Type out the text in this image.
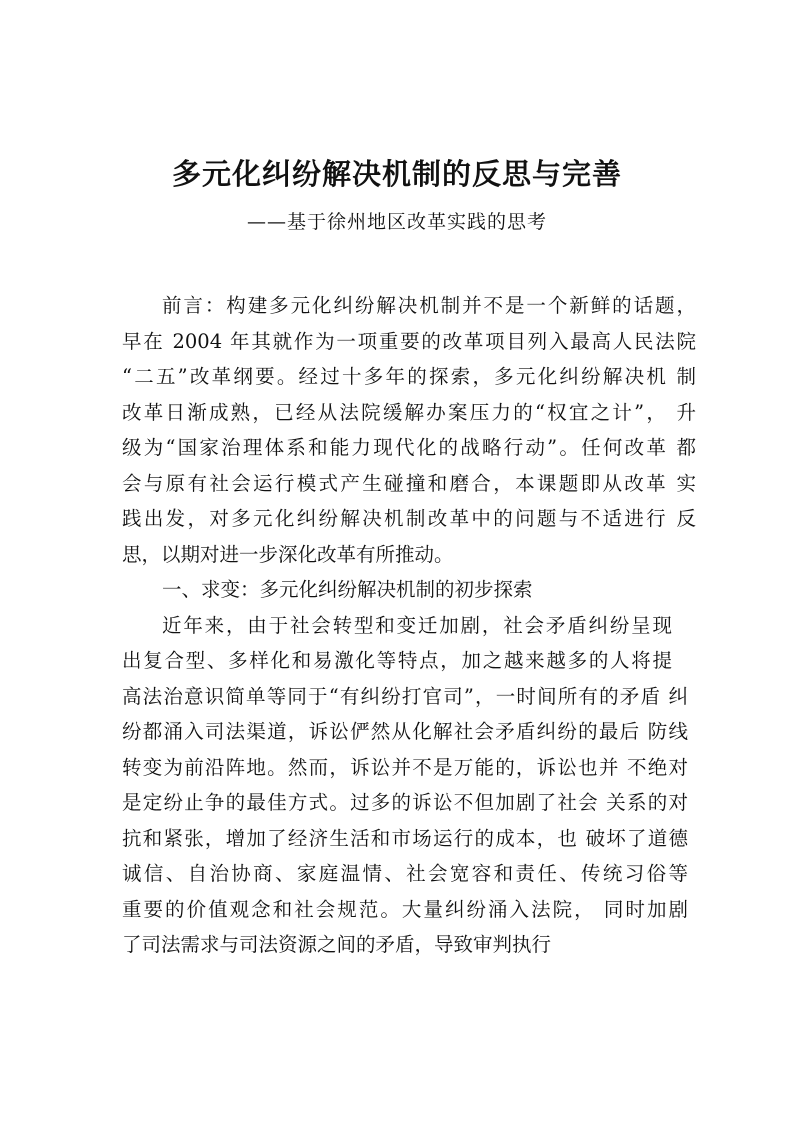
多元化纠纷解决机制的反思与完善
——基于徐州地区改革实践的思考
前言：构建多元化纠纷解决机制并不是一个新鲜的话题，
早在 2004 年其就作为一项重要的改革项目列入最高人民法院
“二五”改革纲要。经过十多年的探索，多元化纠纷解决机 制
改革日渐成熟，已经从法院缓解办案压力的“权宜之计”， 升
级为“国家治理体系和能力现代化的战略行动”。任何改革 都
会与原有社会运行模式产生碰撞和磨合，本课题即从改革 实
践出发，对多元化纠纷解决机制改革中的问题与不适进行 反
思，以期对进一步深化改革有所推动。
一、求变：多元化纠纷解决机制的初步探索
近年来，由于社会转型和变迁加剧，社会矛盾纠纷呈现
出复合型、多样化和易激化等特点，加之越来越多的人将提
高法治意识简单等同于“有纠纷打官司”，一时间所有的矛盾 纠
纷都涌入司法渠道，诉讼俨然从化解社会矛盾纠纷的最后 防线
转变为前沿阵地。然而，诉讼并不是万能的，诉讼也并 不绝对
是定纷止争的最佳方式。过多的诉讼不但加剧了社会 关系的对
抗和紧张，增加了经济生活和市场运行的成本，也 破坏了道德
诚信、自治协商、家庭温情、社会宽容和责任、传统习俗等
重要的价值观念和社会规范。大量纠纷涌入法院， 同时加剧
了司法需求与司法资源之间的矛盾，导致审判执行
